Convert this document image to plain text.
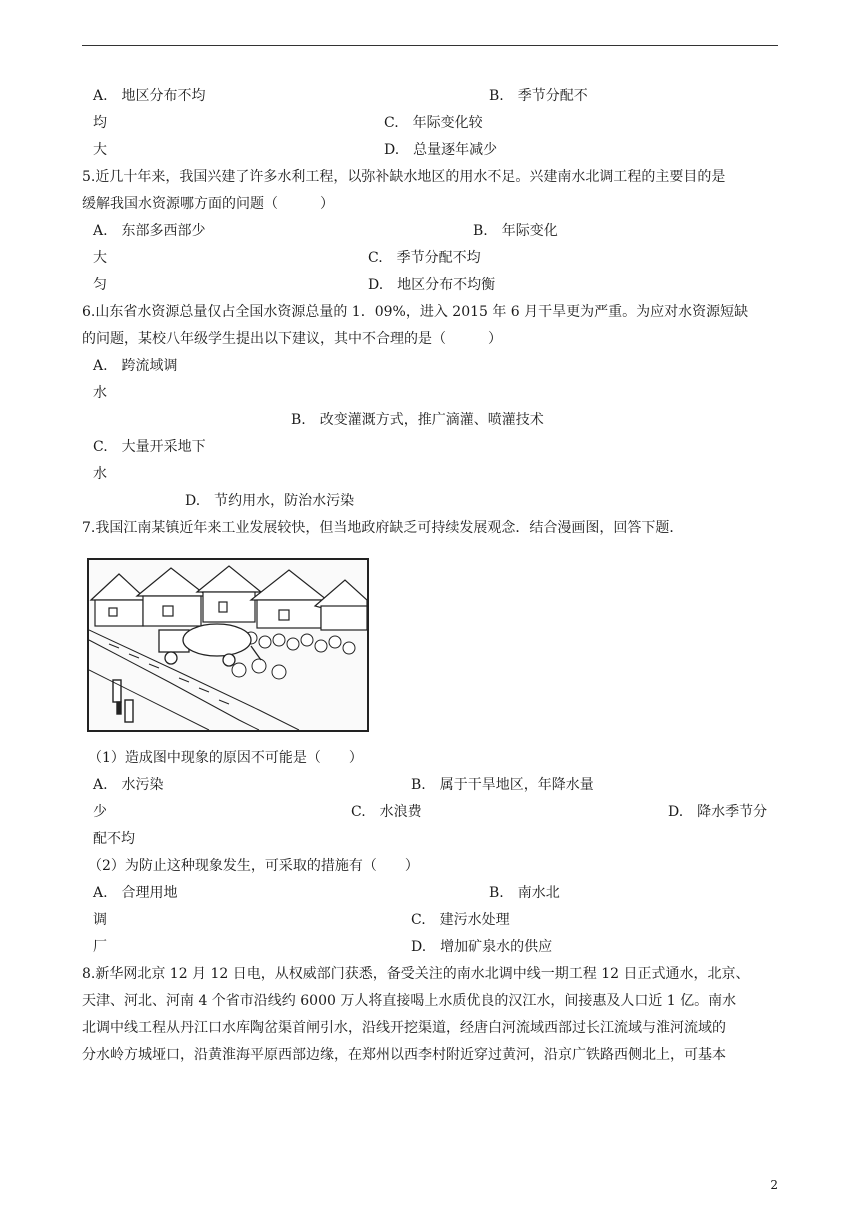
A.　地区分布不均	B.　季节分配不
均	C.　年际变化较
大	D.　总量逐年减少
5.近几十年来，我国兴建了许多水利工程，以弥补缺水地区的用水不足。兴建南水北调工程的主要目的是
缓解我国水资源哪方面的问题（　　　）
A.　东部多西部少	B.　年际变化
大	C.　季节分配不均
匀	D.　地区分布不均衡
6.山东省水资源总量仅占全国水资源总量的 1．09%，进入 2015 年 6 月干旱更为严重。为应对水资源短缺
的问题，某校八年级学生提出以下建议，其中不合理的是（　　　）
A.　跨流域调
水
B.　改变灌溉方式，推广滴灌、喷灌技术
C.　大量开采地下
水
D.　节约用水，防治水污染
7.我国江南某镇近年来工业发展较快，但当地政府缺乏可持续发展观念．结合漫画图，回答下题．
（1）造成图中现象的原因不可能是（　　）
A.　水污染	B.　属于干旱地区，年降水量
少	C.　水浪费	D.　降水季节分
配不均
（2）为防止这种现象发生，可采取的措施有（　　）
A.　合理用地	B.　南水北
调	C.　建污水处理
厂	D.　增加矿泉水的供应
8.新华网北京 12 月 12 日电，从权威部门获悉，备受关注的南水北调中线一期工程 12 日正式通水，北京、
天津、河北、河南 4 个省市沿线约 6000 万人将直接喝上水质优良的汉江水，间接惠及人口近 1 亿。南水
北调中线工程从丹江口水库陶岔渠首闸引水，沿线开挖渠道，经唐白河流域西部过长江流域与淮河流域的
分水岭方城垭口，沿黄淮海平原西部边缘，在郑州以西李村附近穿过黄河，沿京广铁路西侧北上，可基本
2
